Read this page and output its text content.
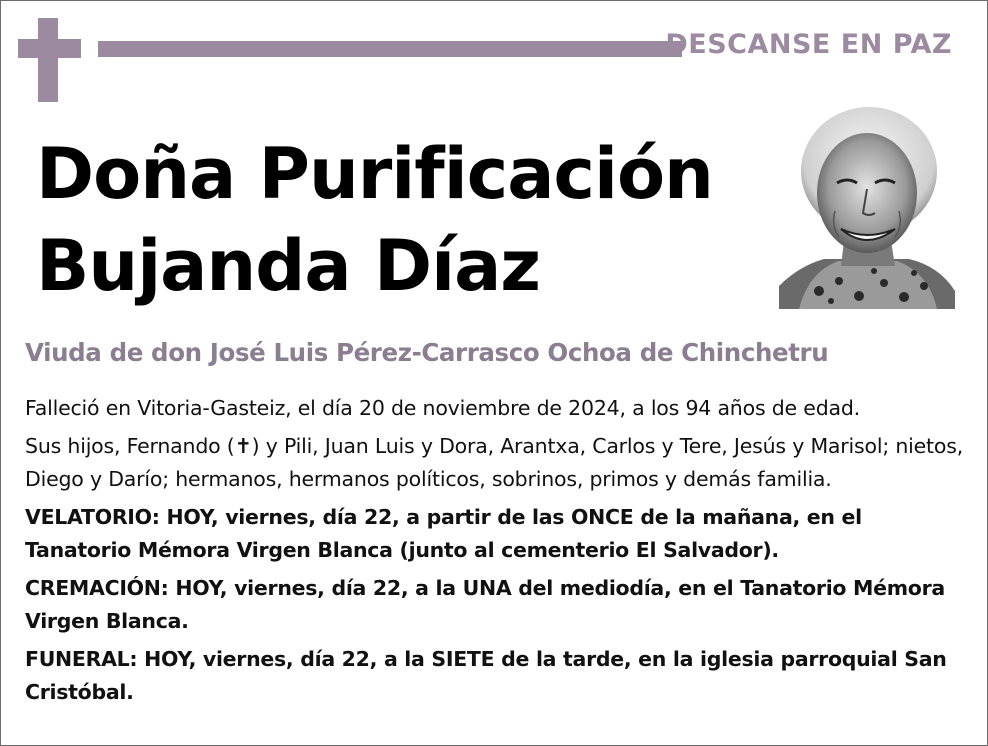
DESCANSE EN PAZ
Doña Purificación
Bujanda Díaz
Viuda de don José Luis Pérez-Carrasco Ochoa de Chinchetru

Falleció en Vitoria-Gasteiz, el día 20 de noviembre de 2024, a los 94 años de edad.

Sus hijos, Fernando (✝) y Pili, Juan Luis y Dora, Arantxa, Carlos y Tere, Jesús y Marisol; nietos, Diego y Darío; hermanos, hermanos políticos, sobrinos, primos y demás familia.

VELATORIO: HOY, viernes, día 22, a partir de las ONCE de la mañana, en el Tanatorio Mémora Virgen Blanca (junto al cementerio El Salvador).

CREMACIÓN: HOY, viernes, día 22, a la UNA del mediodía, en el Tanatorio Mémora Virgen Blanca.

FUNERAL: HOY, viernes, día 22, a la SIETE de la tarde, en la iglesia parroquial San Cristóbal.
